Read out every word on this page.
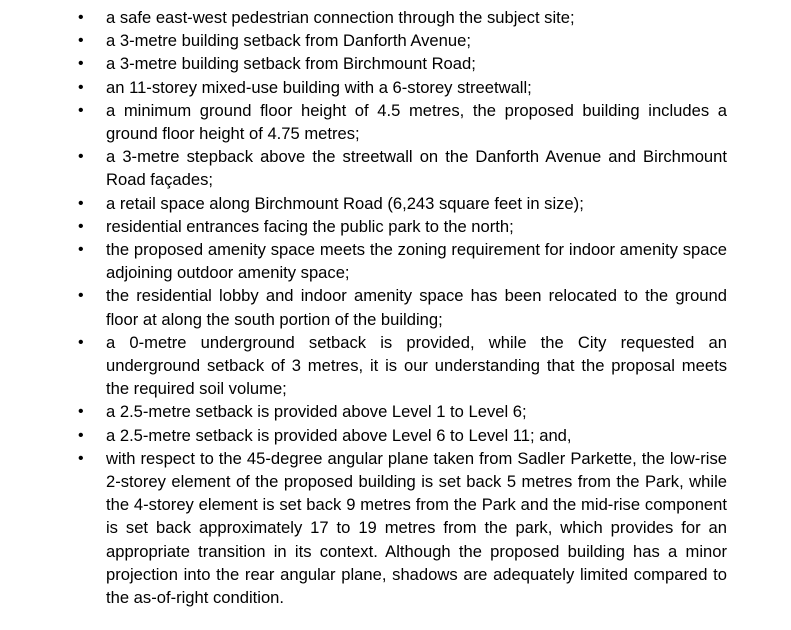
• a safe east-west pedestrian connection through the subject site;
• a 3-metre building setback from Danforth Avenue;
• a 3-metre building setback from Birchmount Road;
• an 11-storey mixed-use building with a 6-storey streetwall;
• a minimum ground floor height of 4.5 metres, the proposed building includes a ground floor height of 4.75 metres;
• a 3-metre stepback above the streetwall on the Danforth Avenue and Birchmount Road façades;
• a retail space along Birchmount Road (6,243 square feet in size);
• residential entrances facing the public park to the north;
• the proposed amenity space meets the zoning requirement for indoor amenity space adjoining outdoor amenity space;
• the residential lobby and indoor amenity space has been relocated to the ground floor at along the south portion of the building;
• a 0-metre underground setback is provided, while the City requested an underground setback of 3 metres, it is our understanding that the proposal meets the required soil volume;
• a 2.5-metre setback is provided above Level 1 to Level 6;
• a 2.5-metre setback is provided above Level 6 to Level 11; and,
• with respect to the 45-degree angular plane taken from Sadler Parkette, the low-rise 2-storey element of the proposed building is set back 5 metres from the Park, while the 4-storey element is set back 9 metres from the Park and the mid-rise component is set back approximately 17 to 19 metres from the park, which provides for an appropriate transition in its context. Although the proposed building has a minor projection into the rear angular plane, shadows are adequately limited compared to the as-of-right condition.
